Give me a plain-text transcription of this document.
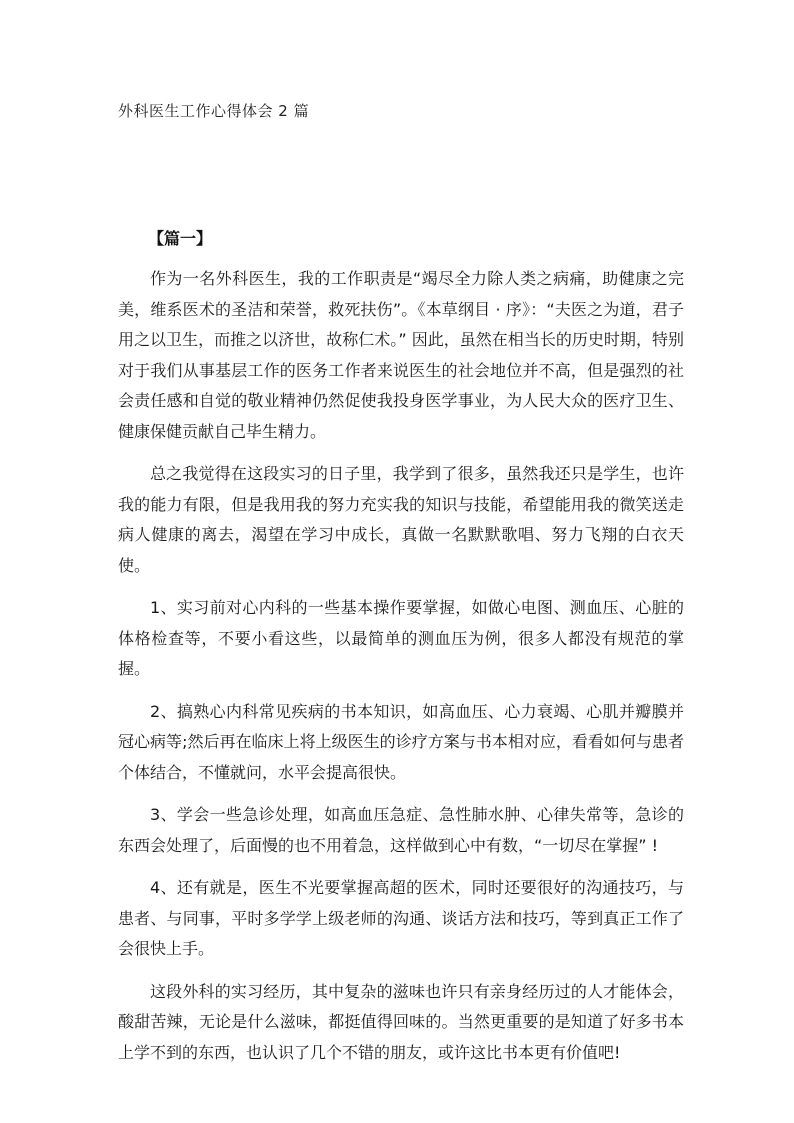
外科医生工作心得体会 2 篇
【篇一】

作为一名外科医生，我的工作职责是“竭尽全力除人类之病痛，助健康之完美，维系医术的圣洁和荣誉，救死扶伤”。《本草纲目 · 序》：“夫医之为道，君子用之以卫生，而推之以济世，故称仁术。” 因此，虽然在相当长的历史时期，特别对于我们从事基层工作的医务工作者来说医生的社会地位并不高，但是强烈的社会责任感和自觉的敬业精神仍然促使我投身医学事业，为人民大众的医疗卫生、健康保健贡献自己毕生精力。

总之我觉得在这段实习的日子里，我学到了很多，虽然我还只是学生，也许我的能力有限，但是我用我的努力充实我的知识与技能，希望能用我的微笑送走病人健康的离去，渴望在学习中成长，真做一名默默歌唱、努力飞翔的白衣天使。

1、实习前对心内科的一些基本操作要掌握，如做心电图、测血压、心脏的体格检查等，不要小看这些，以最简单的测血压为例，很多人都没有规范的掌握。

2、搞熟心内科常见疾病的书本知识，如高血压、心力衰竭、心肌并瓣膜并冠心病等;然后再在临床上将上级医生的诊疗方案与书本相对应，看看如何与患者个体结合，不懂就问，水平会提高很快。

3、学会一些急诊处理，如高血压急症、急性肺水肿、心律失常等，急诊的东西会处理了，后面慢的也不用着急，这样做到心中有数，“一切尽在掌握” !

4、还有就是，医生不光要掌握高超的医术，同时还要很好的沟通技巧，与患者、与同事，平时多学学上级老师的沟通、谈话方法和技巧，等到真正工作了会很快上手。

这段外科的实习经历，其中复杂的滋味也许只有亲身经历过的人才能体会，酸甜苦辣，无论是什么滋味，都挺值得回味的。当然更重要的是知道了好多书本上学不到的东西，也认识了几个不错的朋友，或许这比书本更有价值吧!
